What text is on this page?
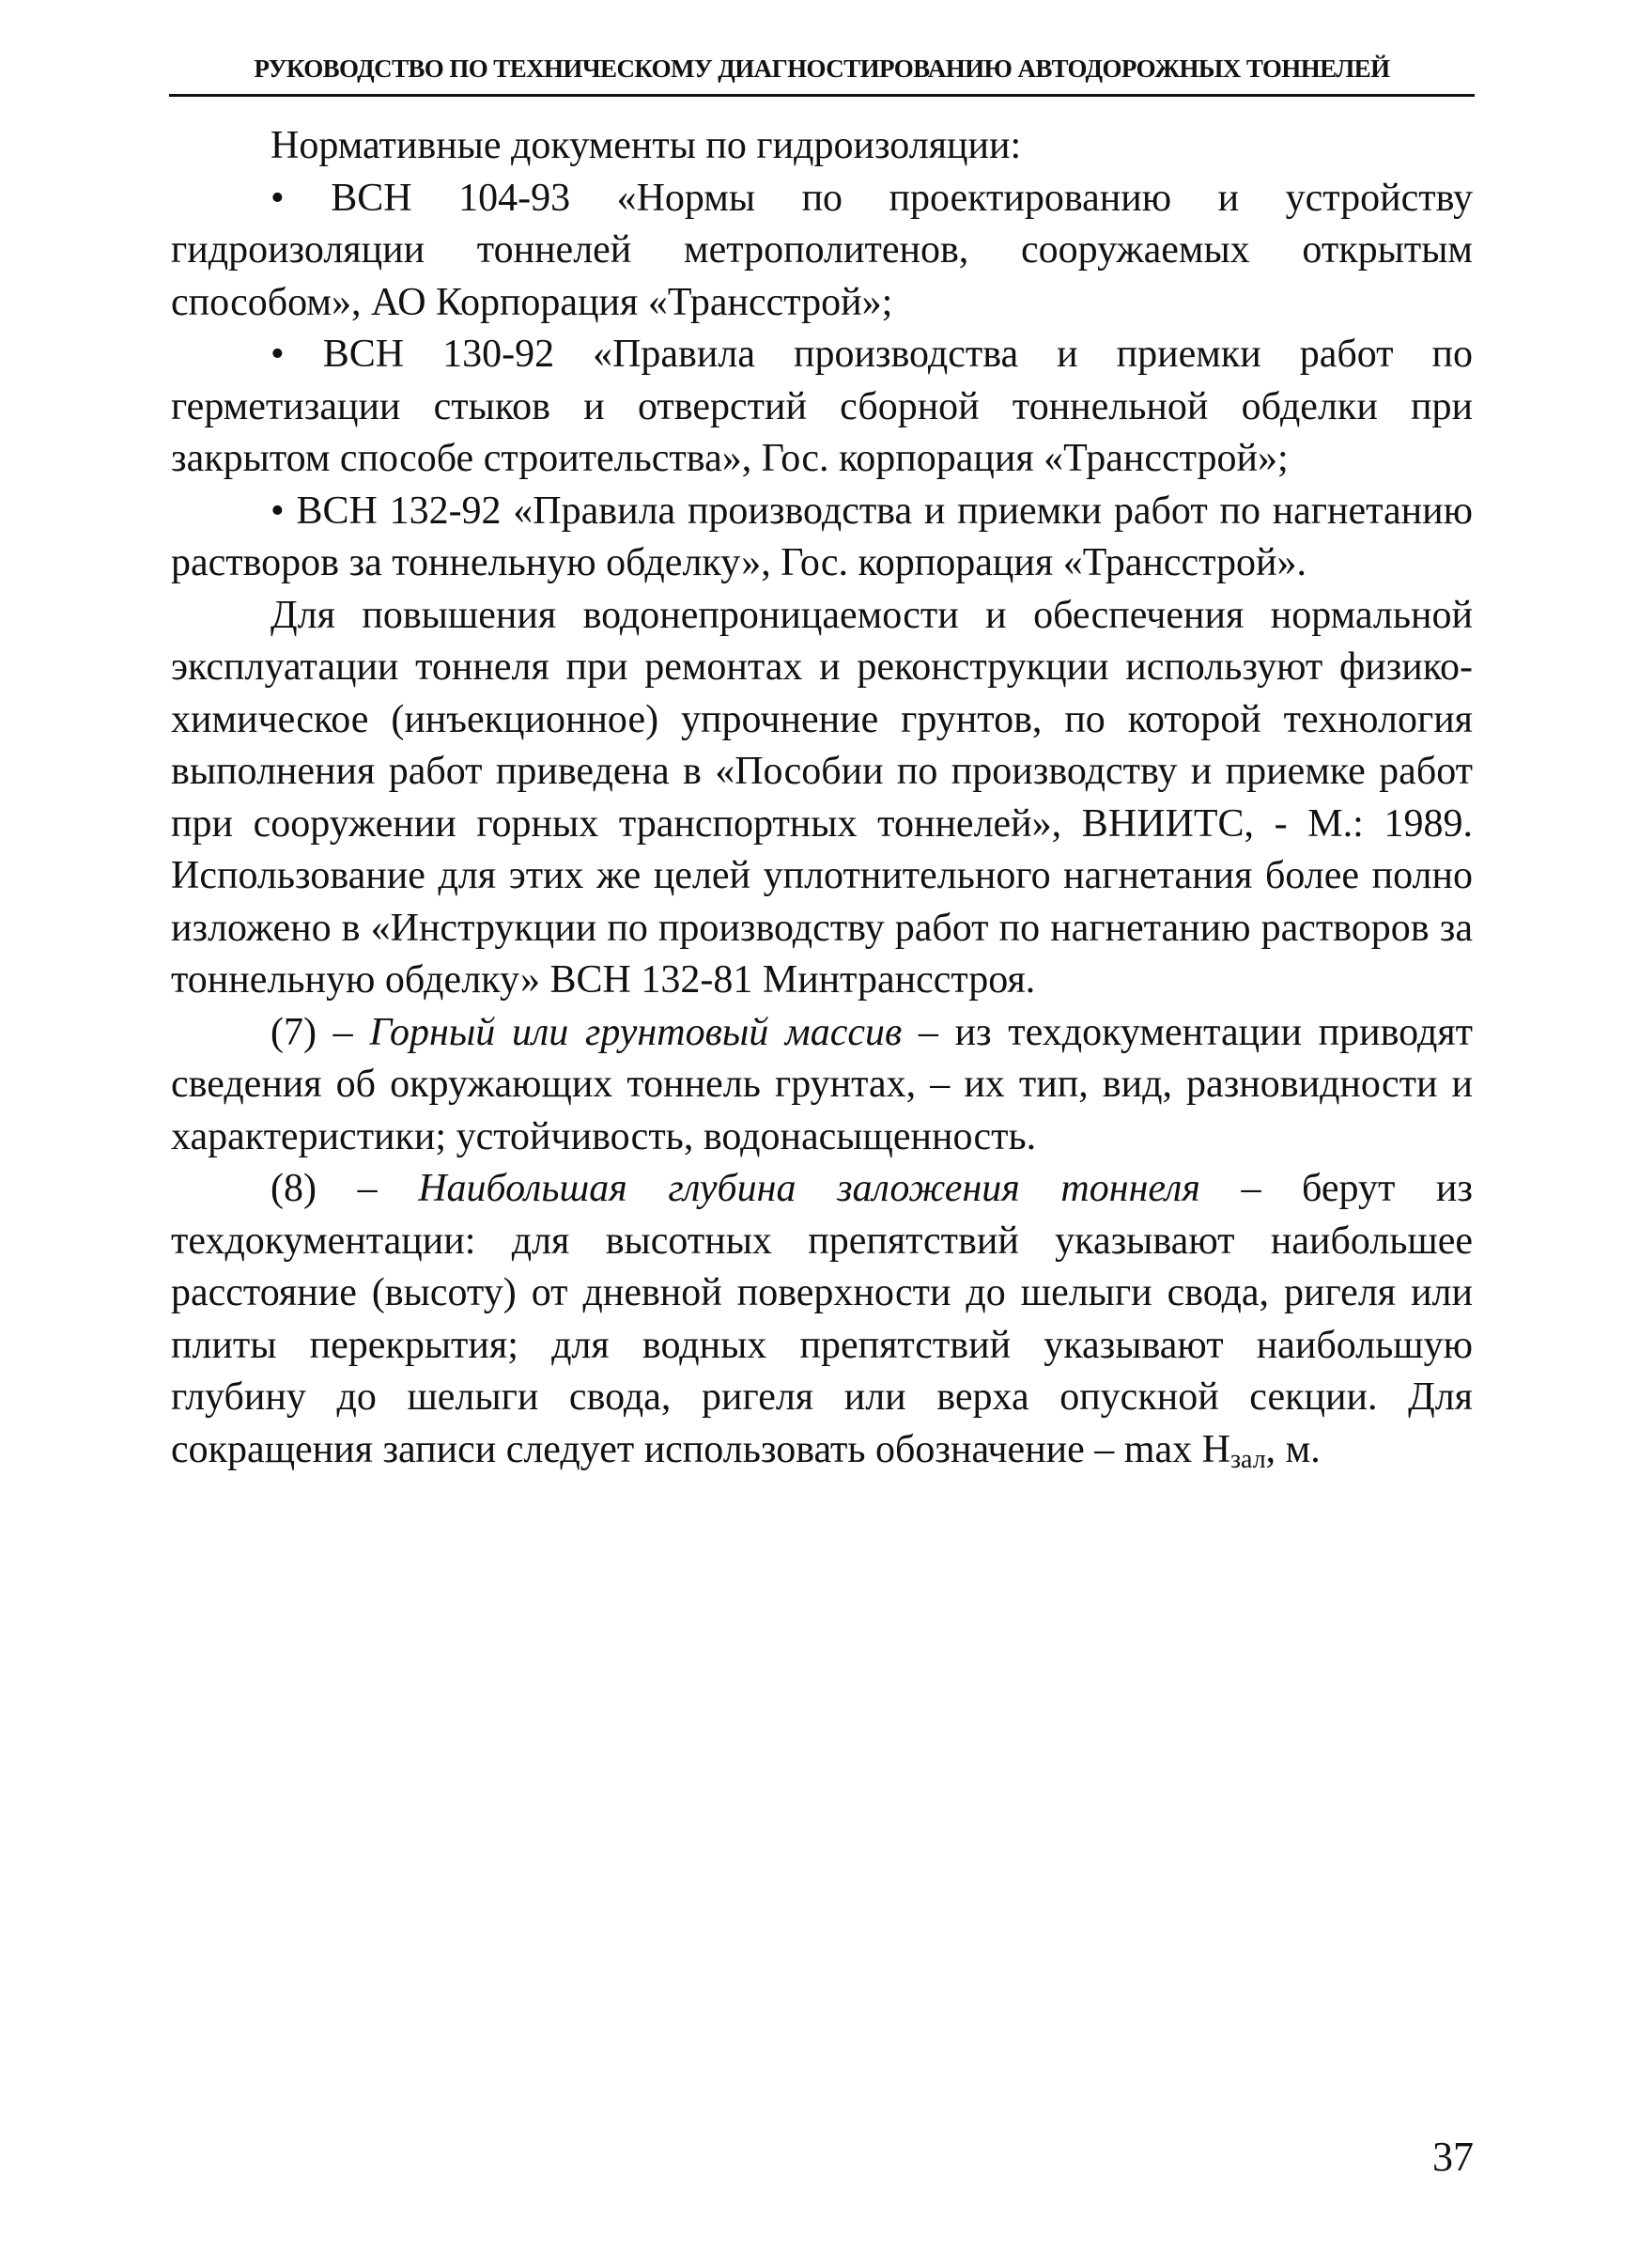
РУКОВОДСТВО ПО ТЕХНИЧЕСКОМУ ДИАГНОСТИРОВАНИЮ АВТОДОРОЖНЫХ ТОННЕЛЕЙ

Нормативные документы по гидроизоляции:

• ВСН 104-93 «Нормы по проектированию и устройству гидроизоляции тоннелей метрополитенов, сооружаемых открытым способом», АО Корпорация «Трансстрой»;

• ВСН 130-92 «Правила производства и приемки работ по герметизации стыков и отверстий сборной тоннельной обделки при закрытом способе строительства», Гос. корпорация «Трансстрой»;

• ВСН 132-92 «Правила производства и приемки работ по нагнетанию растворов за тоннельную обделку», Гос. корпорация «Трансстрой».

Для повышения водонепроницаемости и обеспечения нормальной эксплуатации тоннеля при ремонтах и реконструкции используют физико-химическое (инъекционное) упрочнение грунтов, по которой технология выполнения работ приведена в «Пособии по производству и приемке работ при сооружении горных транспортных тоннелей», ВНИИТС, - М.: 1989. Использование для этих же целей уплотнительного нагнетания более полно изложено в «Инструкции по производству работ по нагнетанию растворов за тоннельную обделку» ВСН 132-81 Минтрансстроя.

(7) – Горный или грунтовый массив – из техдокументации приводят сведения об окружающих тоннель грунтах, – их тип, вид, разновидности и характеристики; устойчивость, водонасыщенность.

(8) – Наибольшая глубина заложения тоннеля – берут из техдокументации: для высотных препятствий указывают наибольшее расстояние (высоту) от дневной поверхности до шелыги свода, ригеля или плиты перекрытия; для водных препятствий указывают наибольшую глубину до шелыги свода, ригеля или верха опускной секции. Для сокращения записи следует использовать обозначение – $\max H_{зал}$, м.

37
